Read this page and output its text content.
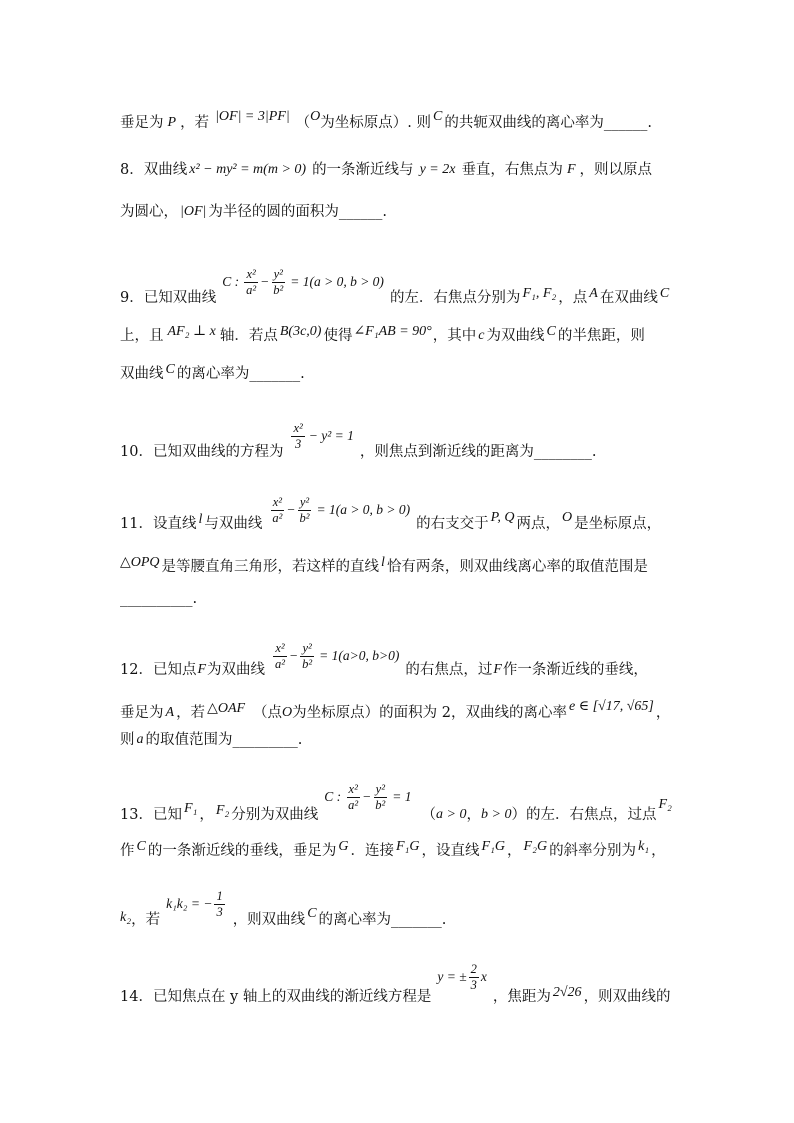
垂足为 P ，若 |OF| = 3|PF| （ O 为坐标原点）. 则 C 的共轭双曲线的离心率为______.
8．双曲线 x² − my² = m(m > 0) 的一条渐近线与 y = 2x 垂直，右焦点为 F ，则以原点
为圆心， |OF| 为半径的圆的面积为______.
9．已知双曲线
C : $\frac{\text{x²}}{\text{a²}} - \frac{\text{y²}}{\text{b²}} = 1(a > 0$, b > 0)
的左．右焦点分别为 F₁, F₂ ，点 A 在双曲线 C
上，且 AF₂ ⊥ x 轴．若点 B(3c,0) 使得 ∠F₁AB = 90° ，其中 c 为双曲线 C 的半焦距，则
双曲线 C 的离心率为_______.
10．已知双曲线的方程为
$\frac{\text{x²}}{3} - y^2 = 1$
，则焦点到渐近线的距离为________.
11．设直线 l 与双曲线 $\frac{\text{x²}}{\text{a²}} - \frac{\text{y²}}{\text{b²}} = 1(a > 0$, b > 0)
的右支交于 P, Q 两点， O 是坐标原点，
△OPQ 是等腰直角三角形，若这样的直线 l 恰有两条，则双曲线离心率的取值范围是
__________.
12．已知点 F 为双曲线 $\frac{\text{x²}}{\text{a²}} - \frac{\text{y²}}{\text{b²}} = 1(a>0$, b>0)
的右焦点，过 F 作一条渐近线的垂线，
垂足为 A ，若 △OAF （点 O 为坐标原点）的面积为 2，双曲线的离心率 e ∈ [√17, √65] ，
则 a 的取值范围为_________.
13．已知 F₁ ， F₂ 分别为双曲线
C : $\frac{\text{x²}}{\text{a²}} - \frac{\text{y²}}{\text{b²}} = 1$
（ a > 0 ， b > 0 ）的左．右焦点，过点
F₂
作 C 的一条渐近线的垂线，垂足为 G ．连接 F₁G ，设直线 F₁G ， F₂G 的斜率分别为 k₁ ，
k₂ ，若
k₁k₂ = − $\frac{1}{3}$
，则双曲线 C 的离心率为_______.
14．已知焦点在 y 轴上的双曲线的渐近线方程是
y = ± $\frac{2}{3}$ x
，焦距为 2√26 ，则双曲线的
